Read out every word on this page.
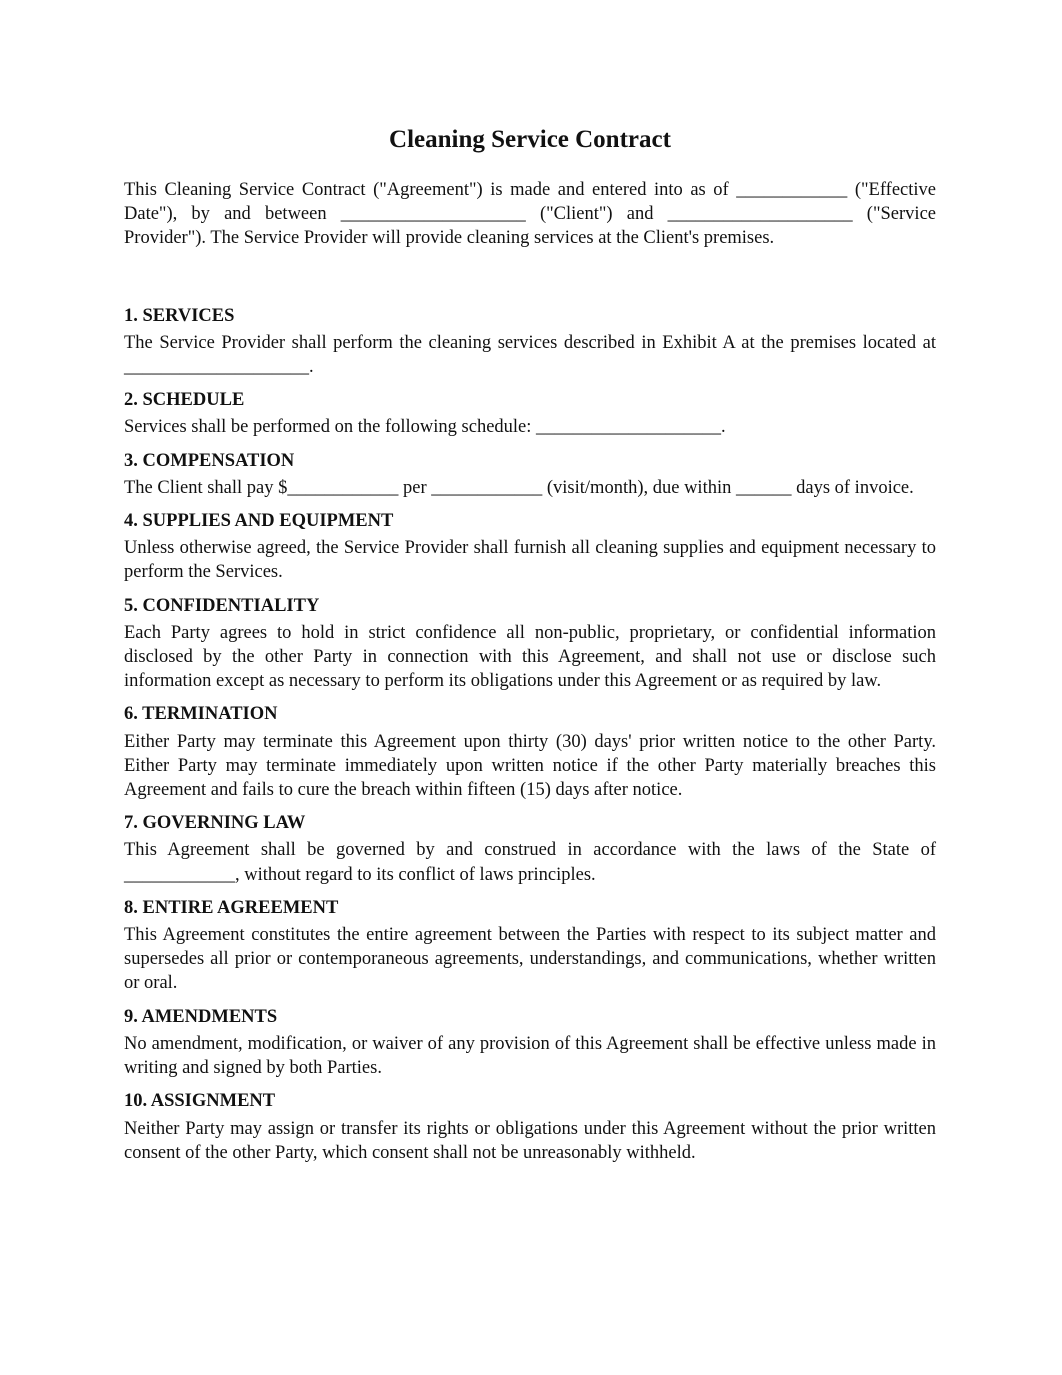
Cleaning Service Contract

This Cleaning Service Contract ("Agreement") is made and entered into as of ____________ ("Effective Date"), by and between ____________________ ("Client") and ____________________ ("Service Provider"). The Service Provider will provide cleaning services at the Client's premises.

1. SERVICES

The Service Provider shall perform the cleaning services described in Exhibit A at the premises located at ____________________.

2. SCHEDULE

Services shall be performed on the following schedule: ____________________.

3. COMPENSATION

The Client shall pay $____________ per ____________ (visit/month), due within ______ days of invoice.

4. SUPPLIES AND EQUIPMENT

Unless otherwise agreed, the Service Provider shall furnish all cleaning supplies and equipment necessary to perform the Services.

5. CONFIDENTIALITY

Each Party agrees to hold in strict confidence all non-public, proprietary, or confidential information disclosed by the other Party in connection with this Agreement, and shall not use or disclose such information except as necessary to perform its obligations under this Agreement or as required by law.

6. TERMINATION

Either Party may terminate this Agreement upon thirty (30) days' prior written notice to the other Party. Either Party may terminate immediately upon written notice if the other Party materially breaches this Agreement and fails to cure the breach within fifteen (15) days after notice.

7. GOVERNING LAW

This Agreement shall be governed by and construed in accordance with the laws of the State of ____________, without regard to its conflict of laws principles.

8. ENTIRE AGREEMENT

This Agreement constitutes the entire agreement between the Parties with respect to its subject matter and supersedes all prior or contemporaneous agreements, understandings, and communications, whether written or oral.

9. AMENDMENTS

No amendment, modification, or waiver of any provision of this Agreement shall be effective unless made in writing and signed by both Parties.

10. ASSIGNMENT

Neither Party may assign or transfer its rights or obligations under this Agreement without the prior written consent of the other Party, which consent shall not be unreasonably withheld.
